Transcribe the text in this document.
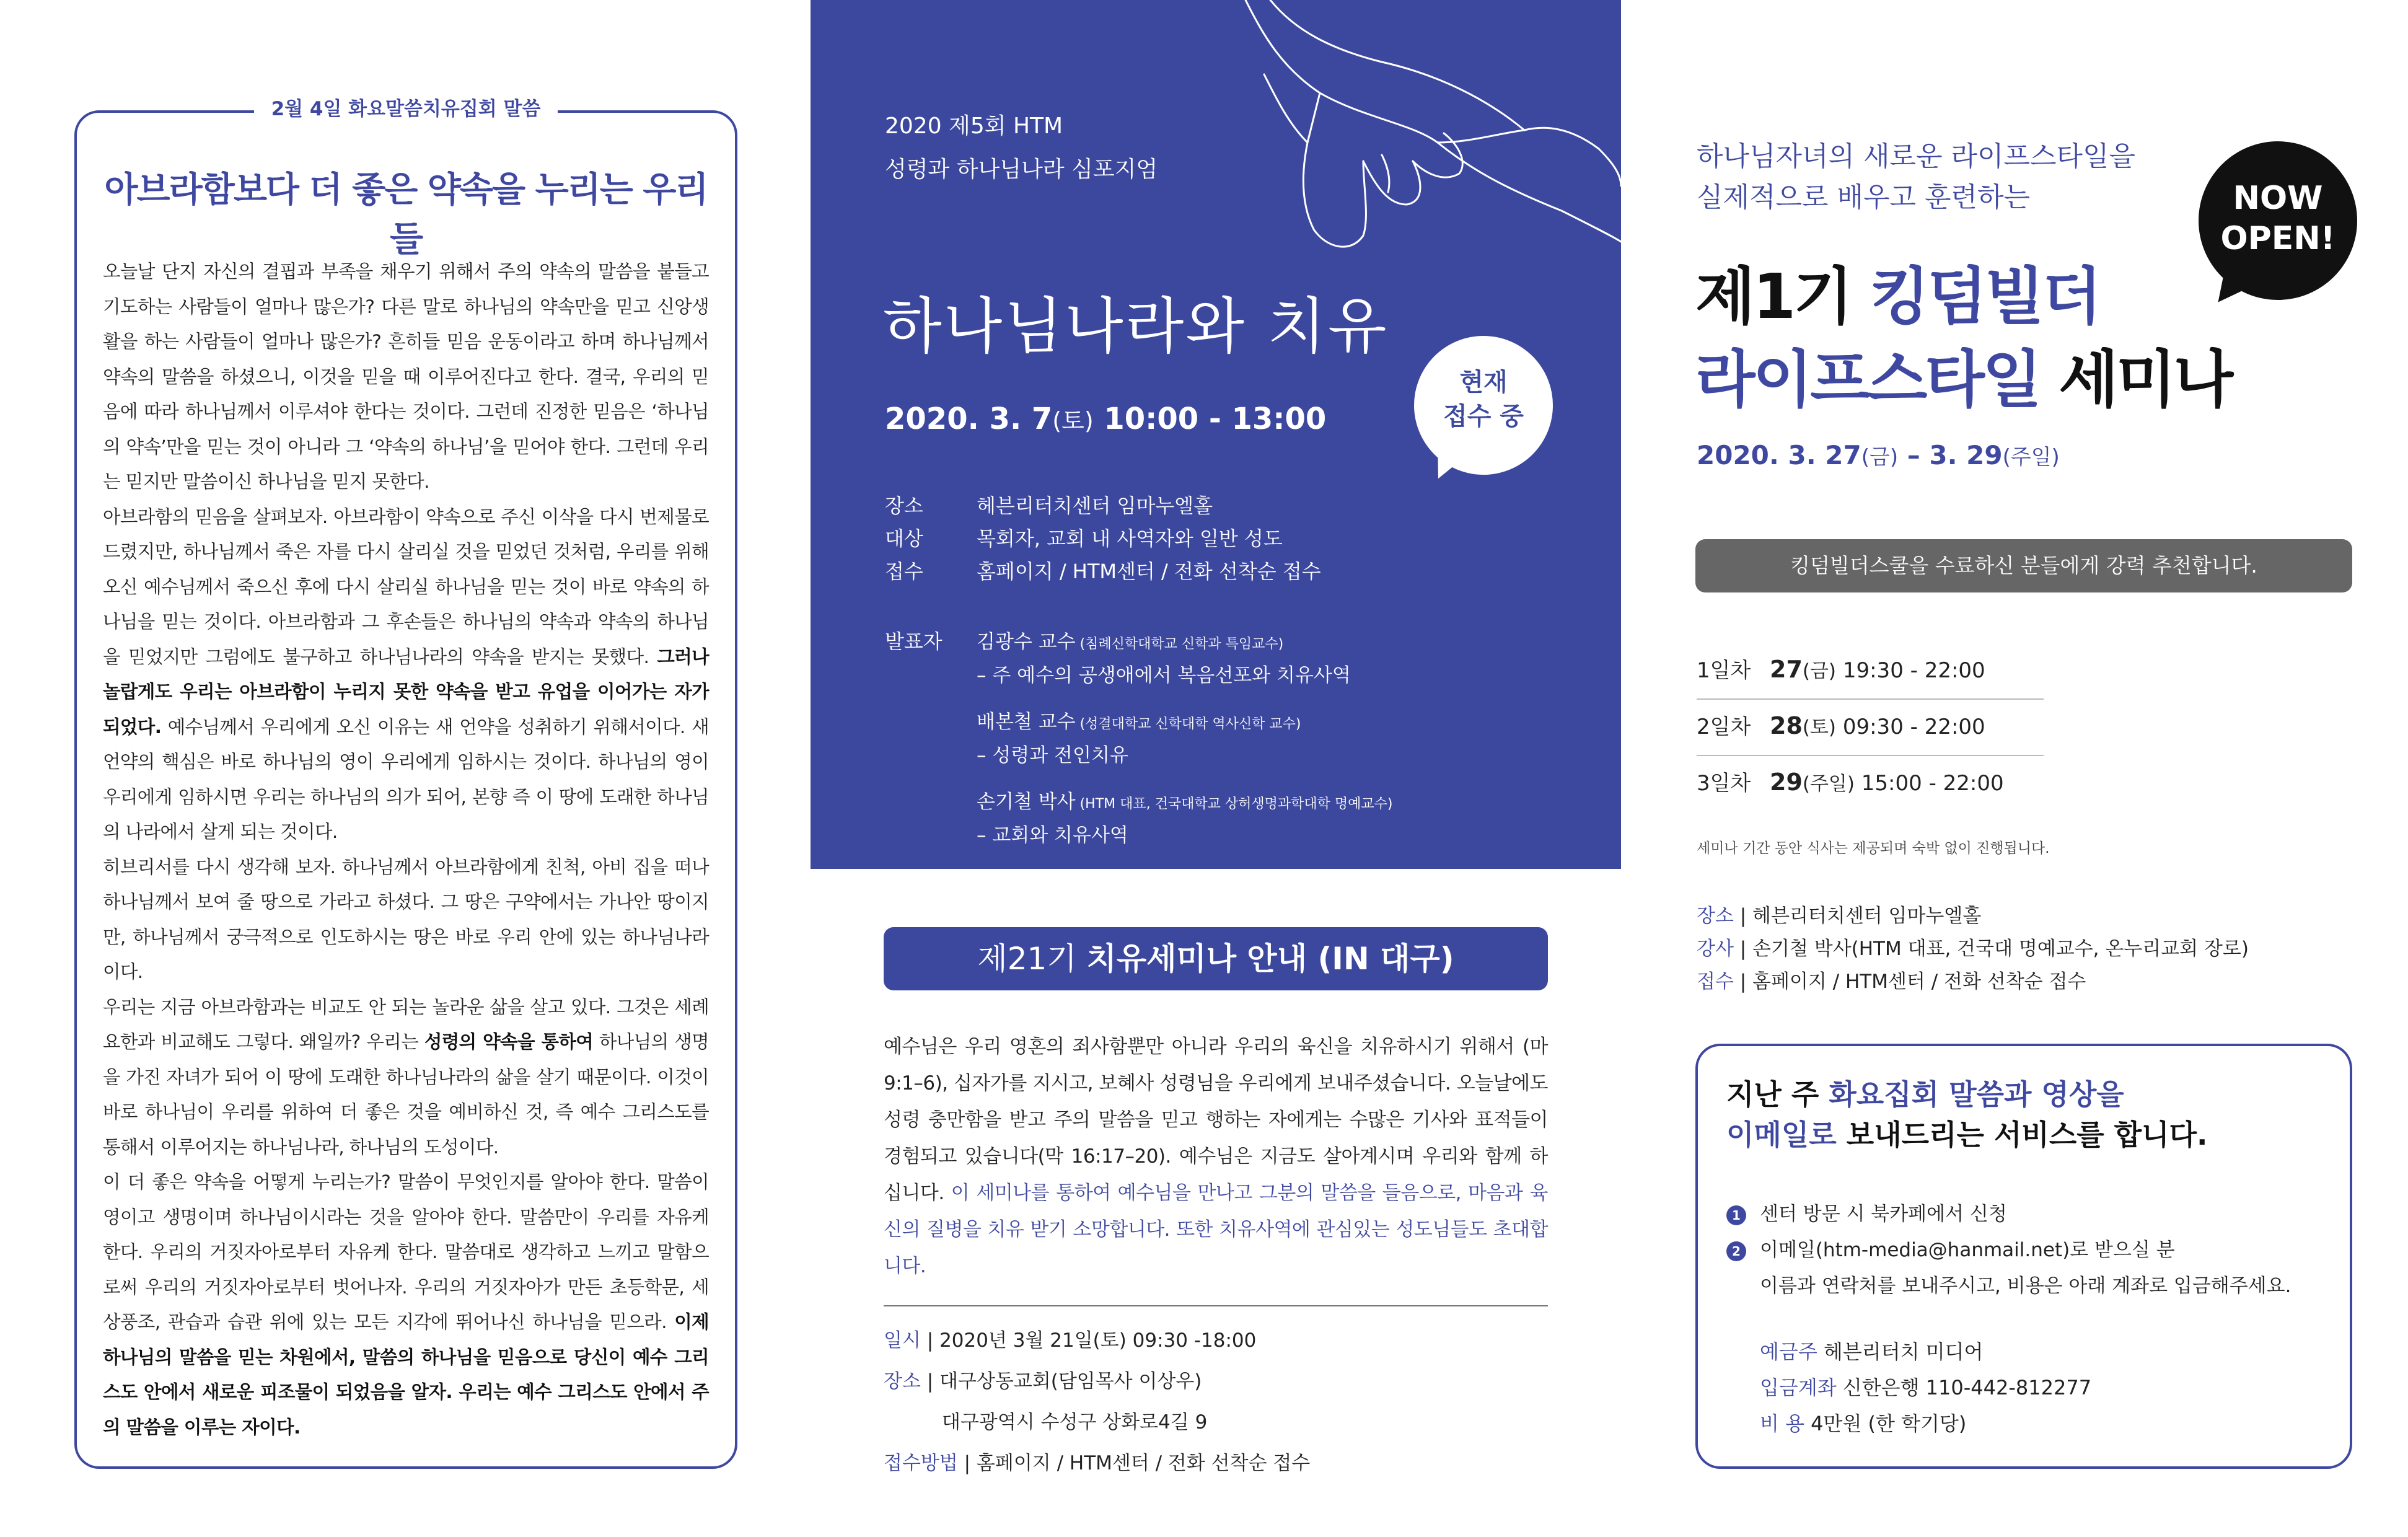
2월 4일 화요말씀치유집회 말씀
아브라함보다 더 좋은 약속을 누리는 우리들

오늘날 단지 자신의 결핍과 부족을 채우기 위해서 주의 약속의 말씀을 붙들고 기도하는 사람들이 얼마나 많은가? 다른 말로 하나님의 약속만을 믿고 신앙생활을 하는 사람들이 얼마나 많은가? 흔히들 믿음 운동이라고 하며 하나님께서 약속의 말씀을 하셨으니, 이것을 믿을 때 이루어진다고 한다. 결국, 우리의 믿음에 따라 하나님께서 이루셔야 한다는 것이다. 그런데 진정한 믿음은 ‘하나님의 약속’만을 믿는 것이 아니라 그 ‘약속의 하나님’을 믿어야 한다. 그런데 우리는 믿지만 말씀이신 하나님을 믿지 못한다.

아브라함의 믿음을 살펴보자. 아브라함이 약속으로 주신 이삭을 다시 번제물로 드렸지만, 하나님께서 죽은 자를 다시 살리실 것을 믿었던 것처럼, 우리를 위해 오신 예수님께서 죽으신 후에 다시 살리실 하나님을 믿는 것이 바로 약속의 하나님을 믿는 것이다. 아브라함과 그 후손들은 하나님의 약속과 약속의 하나님을 믿었지만 그럼에도 불구하고 하나님나라의 약속을 받지는 못했다. 그러나 놀랍게도 우리는 아브라함이 누리지 못한 약속을 받고 유업을 이어가는 자가 되었다. 예수님께서 우리에게 오신 이유는 새 언약을 성취하기 위해서이다. 새 언약의 핵심은 바로 하나님의 영이 우리에게 임하시는 것이다. 하나님의 영이 우리에게 임하시면 우리는 하나님의 의가 되어, 본향 즉 이 땅에 도래한 하나님의 나라에서 살게 되는 것이다.

히브리서를 다시 생각해 보자. 하나님께서 아브라함에게 친척, 아비 집을 떠나 하나님께서 보여 줄 땅으로 가라고 하셨다. 그 땅은 구약에서는 가나안 땅이지만, 하나님께서 궁극적으로 인도하시는 땅은 바로 우리 안에 있는 하나님나라이다.

우리는 지금 아브라함과는 비교도 안 되는 놀라운 삶을 살고 있다. 그것은 세례 요한과 비교해도 그렇다. 왜일까? 우리는 성령의 약속을 통하여 하나님의 생명을 가진 자녀가 되어 이 땅에 도래한 하나님나라의 삶을 살기 때문이다. 이것이 바로 하나님이 우리를 위하여 더 좋은 것을 예비하신 것, 즉 예수 그리스도를 통해서 이루어지는 하나님나라, 하나님의 도성이다.

이 더 좋은 약속을 어떻게 누리는가? 말씀이 무엇인지를 알아야 한다. 말씀이 영이고 생명이며 하나님이시라는 것을 알아야 한다. 말씀만이 우리를 자유케 한다. 우리의 거짓자아로부터 자유케 한다. 말씀대로 생각하고 느끼고 말함으로써 우리의 거짓자아로부터 벗어나자. 우리의 거짓자아가 만든 초등학문, 세상풍조, 관습과 습관 위에 있는 모든 지각에 뛰어나신 하나님을 믿으라. 이제 하나님의 말씀을 믿는 차원에서, 말씀의 하나님을 믿음으로 당신이 예수 그리스도 안에서 새로운 피조물이 되었음을 알자. 우리는 예수 그리스도 안에서 주의 말씀을 이루는 자이다.

2020 제5회 HTM
성령과 하나님나라 심포지엄
하나님나라와 치유
2020. 3. 7(토) 10:00 - 13:00
현재
접수 중
장소	헤븐리터치센터 임마누엘홀
대상	목회자, 교회 내 사역자와 일반 성도
접수	홈페이지 / HTM센터 / 전화 선착순 접수
발표자 김광수 교수 (침례신학대학교 신학과 특임교수)
– 주 예수의 공생애에서 복음선포와 치유사역
배본철 교수 (성결대학교 신학대학 역사신학 교수)
– 성령과 전인치유
손기철 박사 (HTM 대표, 건국대학교 상허생명과학대학 명예교수)
– 교회와 치유사역
제21기 치유세미나 안내 (IN 대구)
예수님은 우리 영혼의 죄사함뿐만 아니라 우리의 육신을 치유하시기 위해서 (마 9:1–6), 십자가를 지시고, 보혜사 성령님을 우리에게 보내주셨습니다. 오늘날에도 성령 충만함을 받고 주의 말씀을 믿고 행하는 자에게는 수많은 기사와 표적들이 경험되고 있습니다(막 16:17–20). 예수님은 지금도 살아계시며 우리와 함께 하십니다. 이 세미나를 통하여 예수님을 만나고 그분의 말씀을 들음으로, 마음과 육신의 질병을 치유 받기 소망합니다. 또한 치유사역에 관심있는 성도님들도 초대합니다.
일시 | 2020년 3월 21일(토) 09:30 -18:00
장소 | 대구상동교회(담임목사 이상우)
대구광역시 수성구 상화로4길 9
접수방법 | 홈페이지 / HTM센터 / 전화 선착순 접수
하나님자녀의 새로운 라이프스타일을
실제적으로 배우고 훈련하는
제1기 킹덤빌더
라이프스타일 세미나
NOW
OPEN!
2020. 3. 27(금) – 3. 29(주일)
킹덤빌더스쿨을 수료하신 분들에게 강력 추천합니다.
1일차 27(금) 19:30 - 22:00
2일차 28(토) 09:30 - 22:00
3일차 29(주일) 15:00 - 22:00
세미나 기간 동안 식사는 제공되며 숙박 없이 진행됩니다.
장소 | 헤븐리터치센터 임마누엘홀
강사 | 손기철 박사(HTM 대표, 건국대 명예교수, 온누리교회 장로)
접수 | 홈페이지 / HTM센터 / 전화 선착순 접수
지난 주 화요집회 말씀과 영상을
이메일로 보내드리는 서비스를 합니다.
1 센터 방문 시 북카페에서 신청
2 이메일(htm-media@hanmail.net)로 받으실 분
이름과 연락처를 보내주시고, 비용은 아래 계좌로 입금해주세요.
예금주 헤븐리터치 미디어
입금계좌 신한은행 110-442-812277
비 용 4만원 (한 학기당)
